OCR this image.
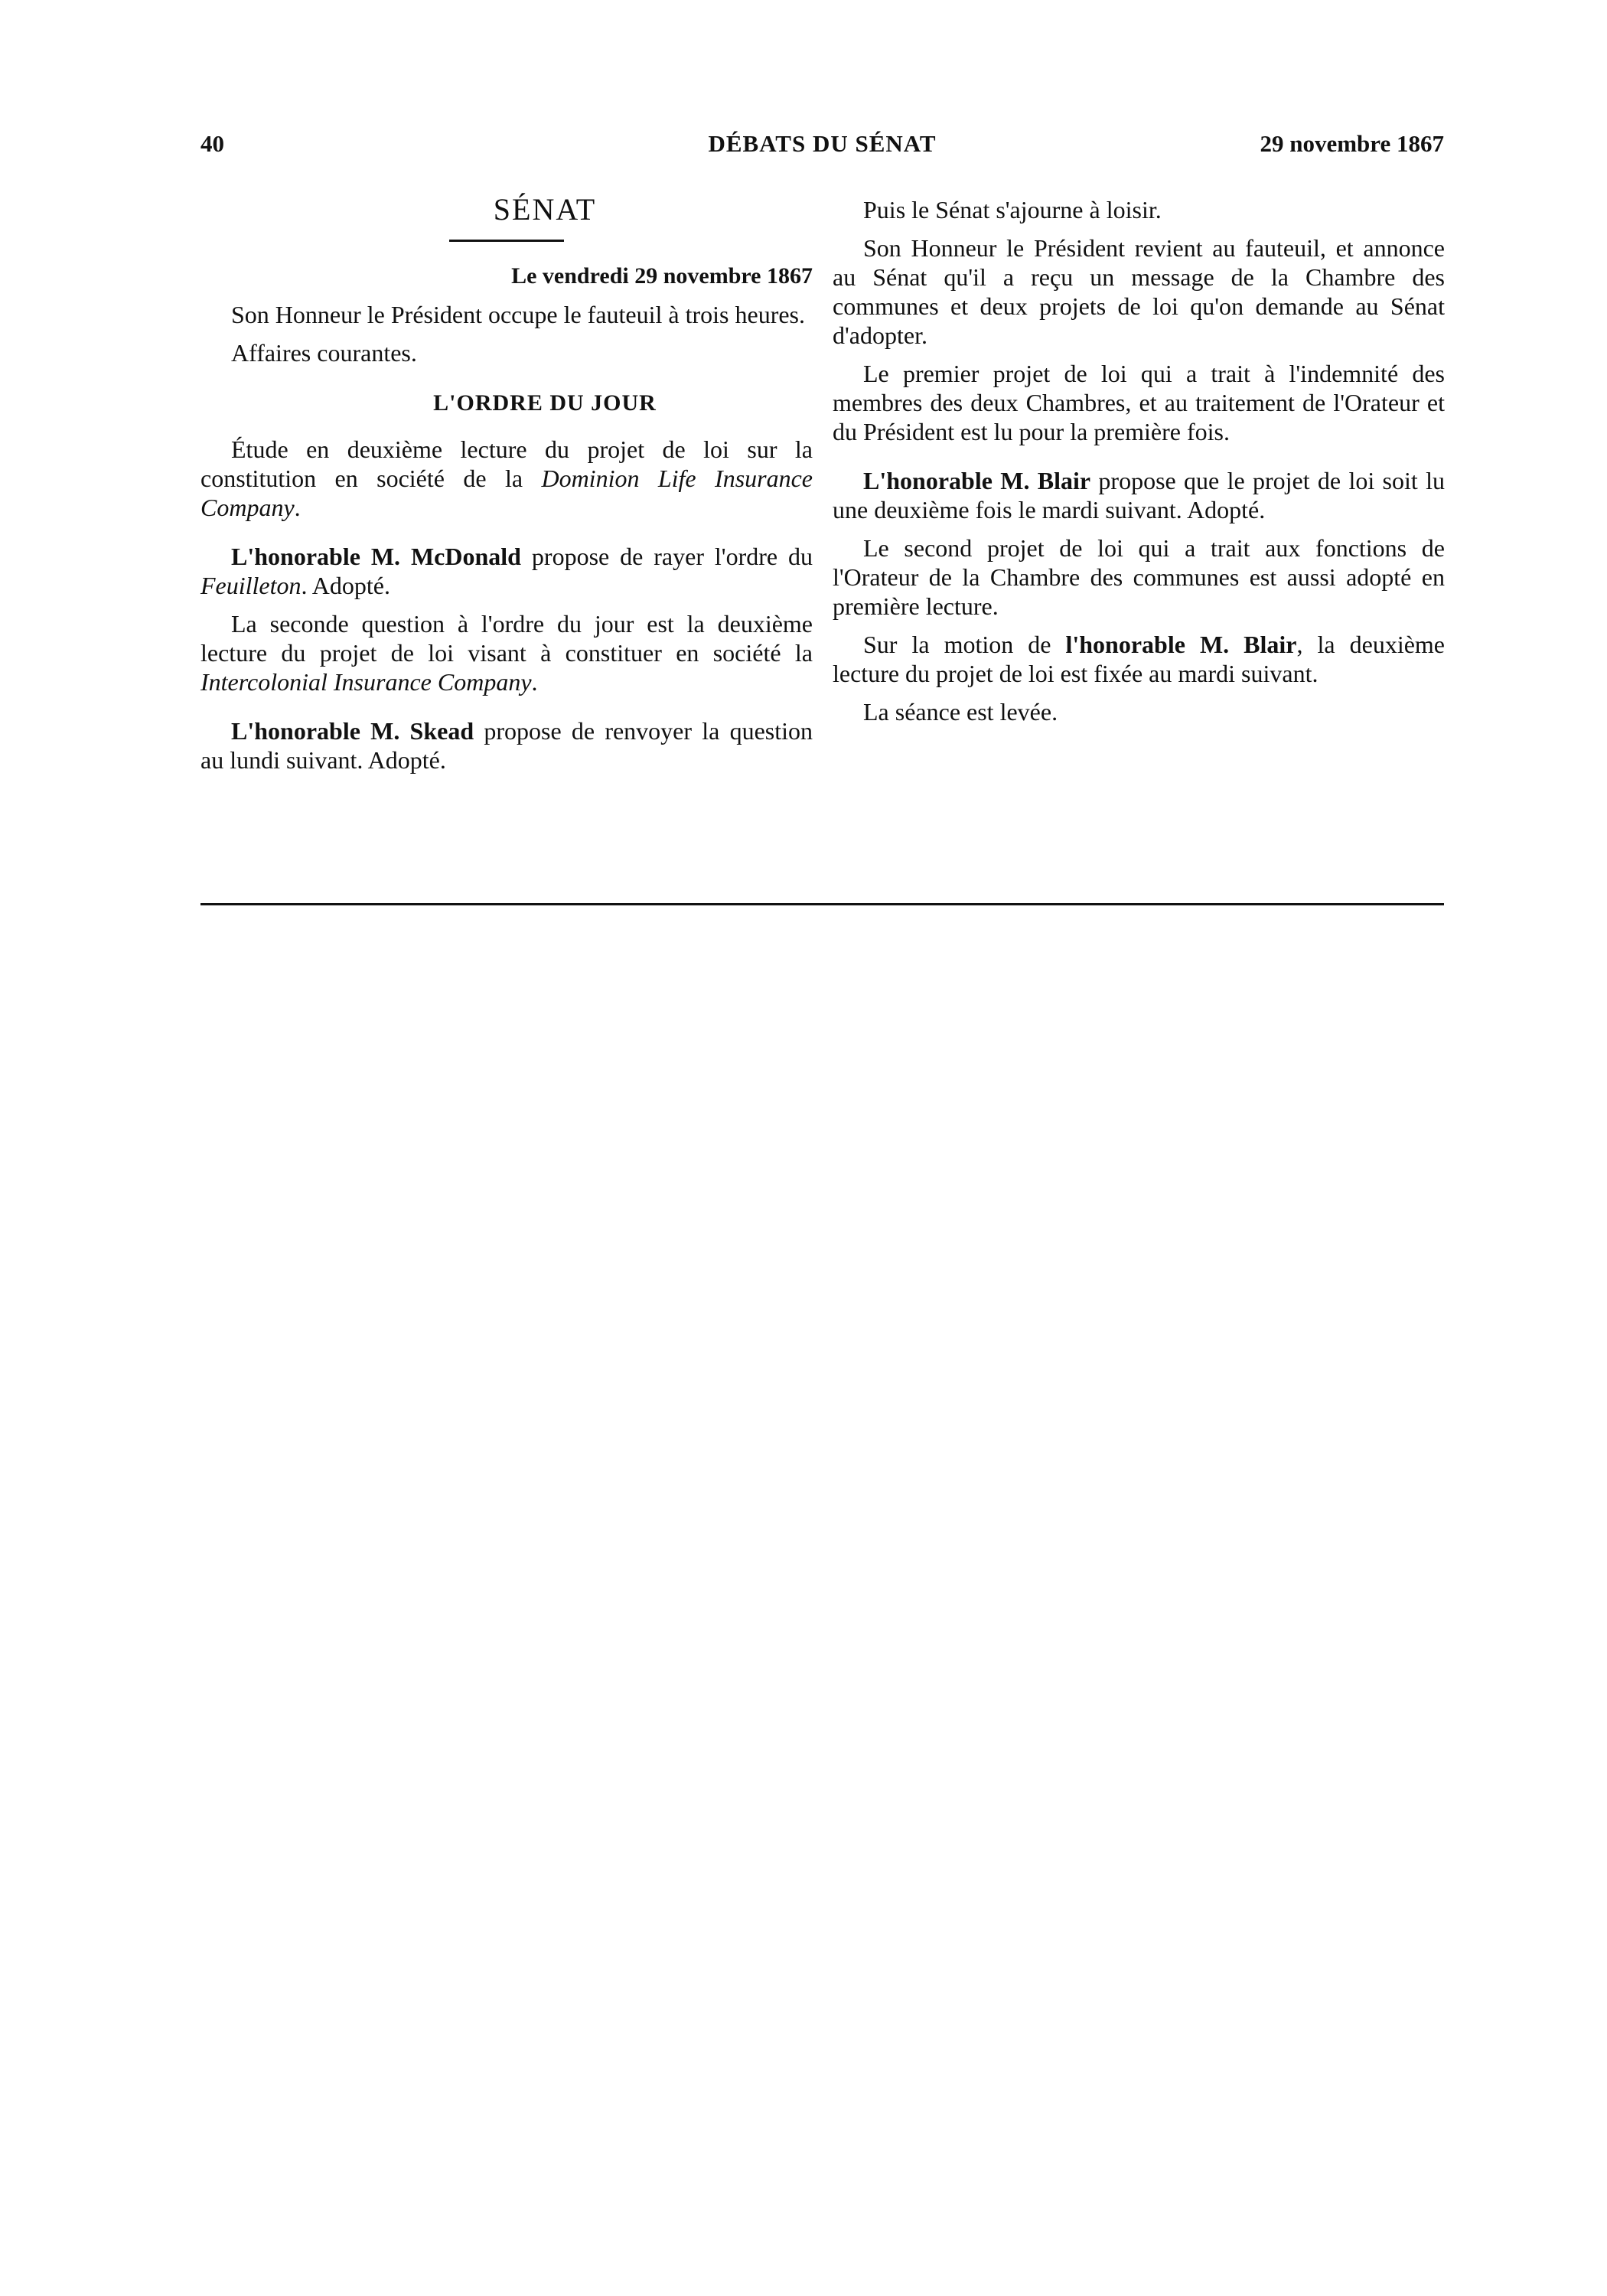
40	DÉBATS DU SÉNAT	29 novembre 1867
SÉNAT
Le vendredi 29 novembre 1867

Son Honneur le Président occupe le fauteuil à trois heures.

Affaires courantes.

L'ORDRE DU JOUR

Étude en deuxième lecture du projet de loi sur la constitution en société de la Dominion Life Insurance Company.

L'honorable M. McDonald propose de rayer l'ordre du Feuilleton. Adopté.

La seconde question à l'ordre du jour est la deuxième lecture du projet de loi visant à constituer en société la Intercolonial Insurance Company.

L'honorable M. Skead propose de renvoyer la question au lundi suivant. Adopté.

Puis le Sénat s'ajourne à loisir.

Son Honneur le Président revient au fauteuil, et annonce au Sénat qu'il a reçu un message de la Chambre des communes et deux projets de loi qu'on demande au Sénat d'adopter.

Le premier projet de loi qui a trait à l'indemnité des membres des deux Chambres, et au traitement de l'Orateur et du Président est lu pour la première fois.

L'honorable M. Blair propose que le projet de loi soit lu une deuxième fois le mardi suivant. Adopté.

Le second projet de loi qui a trait aux fonctions de l'Orateur de la Chambre des communes est aussi adopté en première lecture.

Sur la motion de l'honorable M. Blair, la deuxième lecture du projet de loi est fixée au mardi suivant.

La séance est levée.
